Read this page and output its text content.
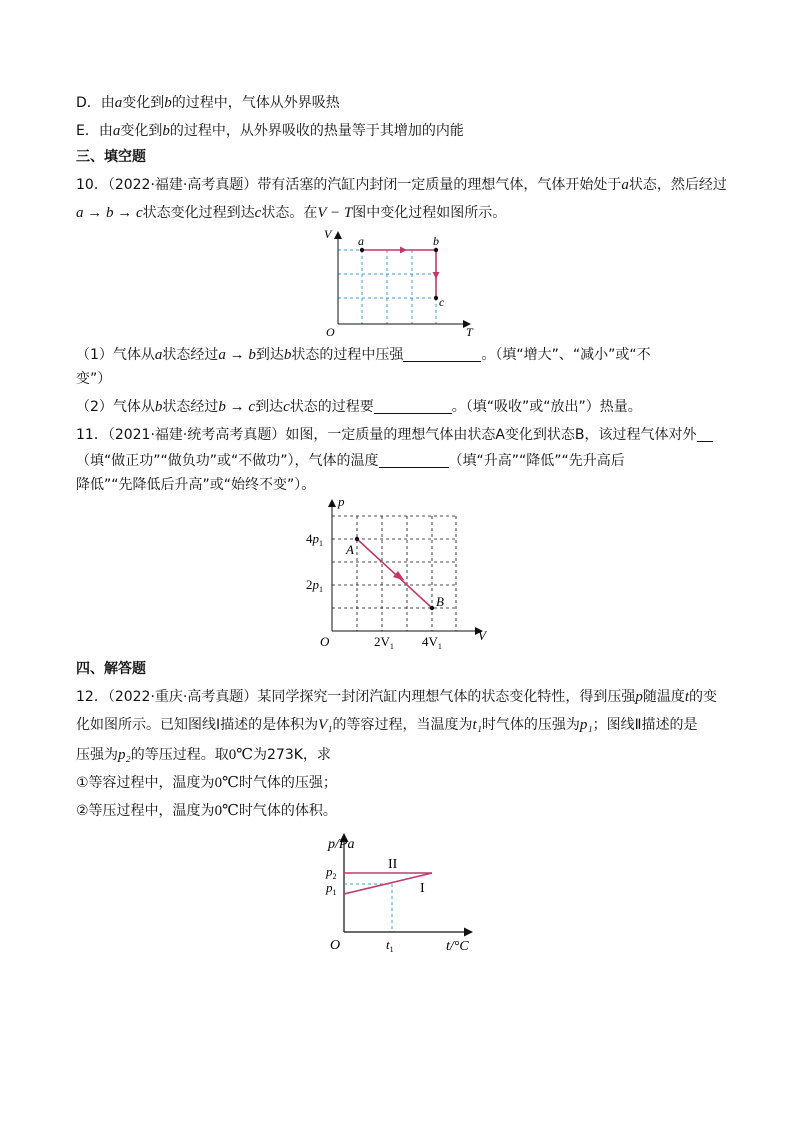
D．由a变化到b的过程中，气体从外界吸热
E．由a变化到b的过程中，从外界吸收的热量等于其增加的内能
三、填空题
10．（2022·福建·高考真题）带有活塞的汽缸内封闭一定质量的理想气体，气体开始处于a状态，然后经过
a → b → c状态变化过程到达c状态。在V − T图中变化过程如图所示。
V
T
O
a	b
c
（1）气体从a状态经过a → b到达b状态的过程中压强	。（填“增大”、“减小”或“不
变”）
（2）气体从b状态经过b → c到达c状态的过程要	。（填“吸收”或“放出”）热量。
11．（2021·福建·统考高考真题）如图，一定质量的理想气体由状态A变化到状态B，该过程气体对外
（填“做正功”“做负功”或“不做功”），气体的温度	（填“升高”“降低”“先升高后
降低”“先降低后升高”或“始终不变”）。
p
V
O
$4p_1$
$2p_1$
$2V_1$ $4V_1$
A
B
四、解答题
12．（2022·重庆·高考真题）某同学探究一封闭汽缸内理想气体的状态变化特性，得到压强p随温度t的变
化如图所示。已知图线Ⅰ描述的是体积为V₁的等容过程，当温度为t₁时气体的压强为p₁；图线Ⅱ描述的是
压强为p₂的等压过程。取0℃为273K，求
①等容过程中，温度为0℃时气体的压强；
②等压过程中，温度为0℃时气体的体积。
p/Pa
t/°C
O
$p_2$
$p_1$
$t_1$
II
I
